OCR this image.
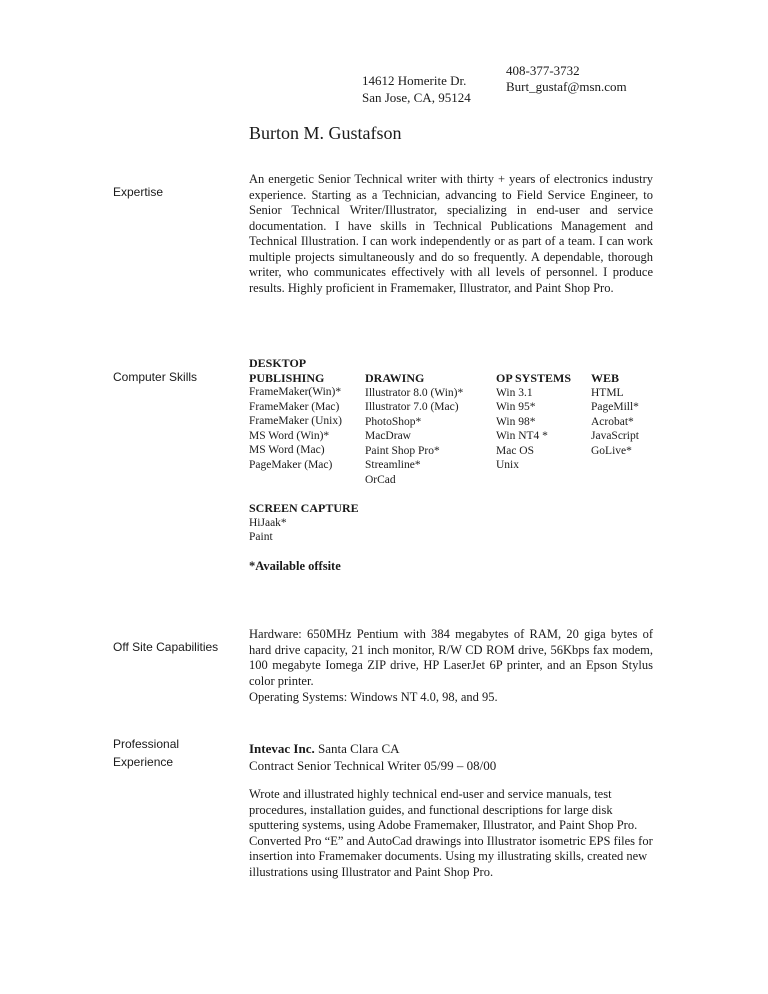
14612 Homerite Dr.
San Jose, CA, 95124
408-377-3732
Burt_gustaf@msn.com
Burton M. Gustafson
Expertise
An energetic Senior Technical writer with thirty + years of electronics industry experience. Starting as a Technician, advancing to Field Service Engineer, to Senior Technical Writer/Illustrator, specializing in end-user and service documentation. I have skills in Technical Publications Management and Technical Illustration. I can work independently or as part of a team. I can work multiple projects simultaneously and do so frequently. A dependable, thorough writer, who communicates effectively with all levels of personnel. I produce results. Highly proficient in Framemaker, Illustrator, and Paint Shop Pro.
Computer Skills
DESKTOP
PUBLISHING
FrameMaker(Win)*
FrameMaker (Mac)
FrameMaker (Unix)
MS Word (Win)*
MS Word (Mac)
PageMaker (Mac)
DRAWING
Illustrator 8.0 (Win)*
Illustrator 7.0 (Mac)
PhotoShop*
MacDraw
Paint Shop Pro*
Streamline*
OrCad
OP SYSTEMS
Win 3.1
Win 95*
Win 98*
Win NT4 *
Mac OS
Unix
WEB
HTML
PageMill*
Acrobat*
JavaScript
GoLive*
SCREEN CAPTURE
HiJaak*
Paint
*Available offsite
Off Site Capabilities
Hardware: 650MHz Pentium with 384 megabytes of RAM, 20 giga bytes of hard drive capacity, 21 inch monitor, R/W CD ROM drive, 56Kbps fax modem, 100 megabyte Iomega ZIP drive, HP LaserJet 6P printer, and an Epson Stylus color printer.
Operating Systems: Windows NT 4.0, 98, and 95.
Professional
Experience
Intevac Inc. Santa Clara CA
Contract Senior Technical Writer 05/99 – 08/00
Wrote and illustrated highly technical end-user and service manuals, test procedures, installation guides, and functional descriptions for large disk sputtering systems, using Adobe Framemaker, Illustrator, and Paint Shop Pro. Converted Pro “E” and AutoCad drawings into Illustrator isometric EPS files for insertion into Framemaker documents. Using my illustrating skills, created new illustrations using Illustrator and Paint Shop Pro.
